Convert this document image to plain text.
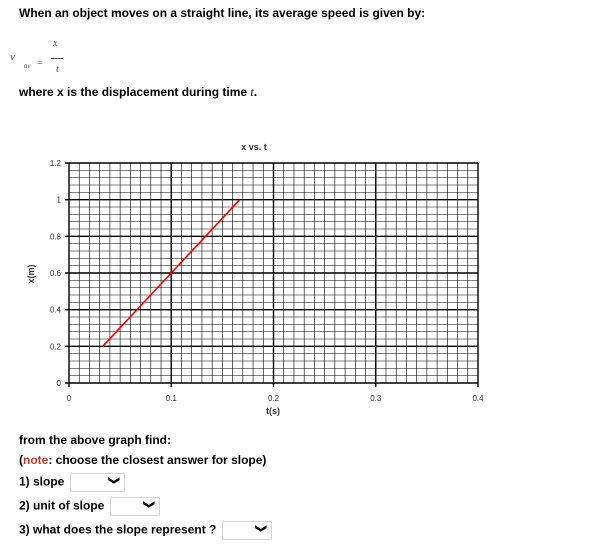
When an object moves on a straight line, its average speed is given by:
v
av =
x
t
where x is the displacement during time t.
0	0.1	0.2	0.3	0.4
0
0.2
0.4
0.6
0.8
1
1.2
x vs. t
t(s)
x(m)
from the above graph find:
(note: choose the closest answer for slope)
1) slope	❯
2) unit of slope	❯
3) what does the slope represent ?	❯
